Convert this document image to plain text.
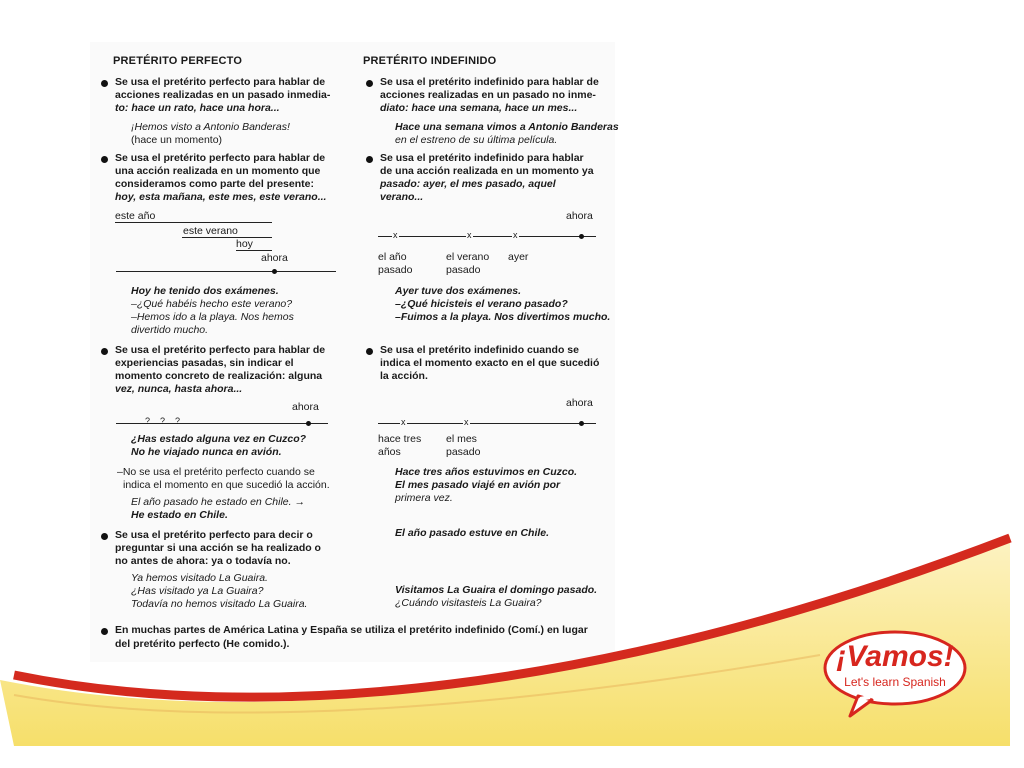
PRETÉRITO PERFECTO
Se usa el pretérito perfecto para hablar de
acciones realizadas en un pasado inmedia-
to: hace un rato, hace una hora...
¡Hemos visto a Antonio Banderas!
(hace un momento)
Se usa el pretérito perfecto para hablar de
una acción realizada en un momento que
consideramos como parte del presente:
hoy, esta mañana, este mes, este verano...
este año
este verano
hoy
ahora
Hoy he tenido dos exámenes.
–¿Qué habéis hecho este verano?
–Hemos ido a la playa. Nos hemos
divertido mucho.
Se usa el pretérito perfecto para hablar de
experiencias pasadas, sin indicar el
momento concreto de realización: alguna
vez, nunca, hasta ahora...
ahora
? ? ?
¿Has estado alguna vez en Cuzco?
No he viajado nunca en avión.
–No se usa el pretérito perfecto cuando se
indica el momento en que sucedió la acción.
El año pasado he estado en Chile. →
He estado en Chile.
Se usa el pretérito perfecto para decir o
preguntar si una acción se ha realizado o
no antes de ahora: ya o todavía no.
Ya hemos visitado La Guaira.
¿Has visitado ya La Guaira?
Todavía no hemos visitado La Guaira.
PRETÉRITO INDEFINIDO
Se usa el pretérito indefinido para hablar de
acciones realizadas en un pasado no inme-
diato: hace una semana, hace un mes...
Hace una semana vimos a Antonio Banderas
en el estreno de su última película.
Se usa el pretérito indefinido para hablar
de una acción realizada en un momento ya
pasado: ayer, el mes pasado, aquel
verano...
ahora
x	x	x
el año
pasado
el verano
pasado
ayer
Ayer tuve dos exámenes.
–¿Qué hicisteis el verano pasado?
–Fuimos a la playa. Nos divertimos mucho.
Se usa el pretérito indefinido cuando se
indica el momento exacto en el que sucedió
la acción.
ahora
x	x
hace tres
años
el mes
pasado
Hace tres años estuvimos en Cuzco.
El mes pasado viajé en avión por
primera vez.
El año pasado estuve en Chile.
Visitamos La Guaira el domingo pasado.
¿Cuándo visitasteis La Guaira?
En muchas partes de América Latina y España se utiliza el pretérito indefinido (Comí.) en lugar
del pretérito perfecto (He comido.).	¡Vamos!
Let's learn Spanish
